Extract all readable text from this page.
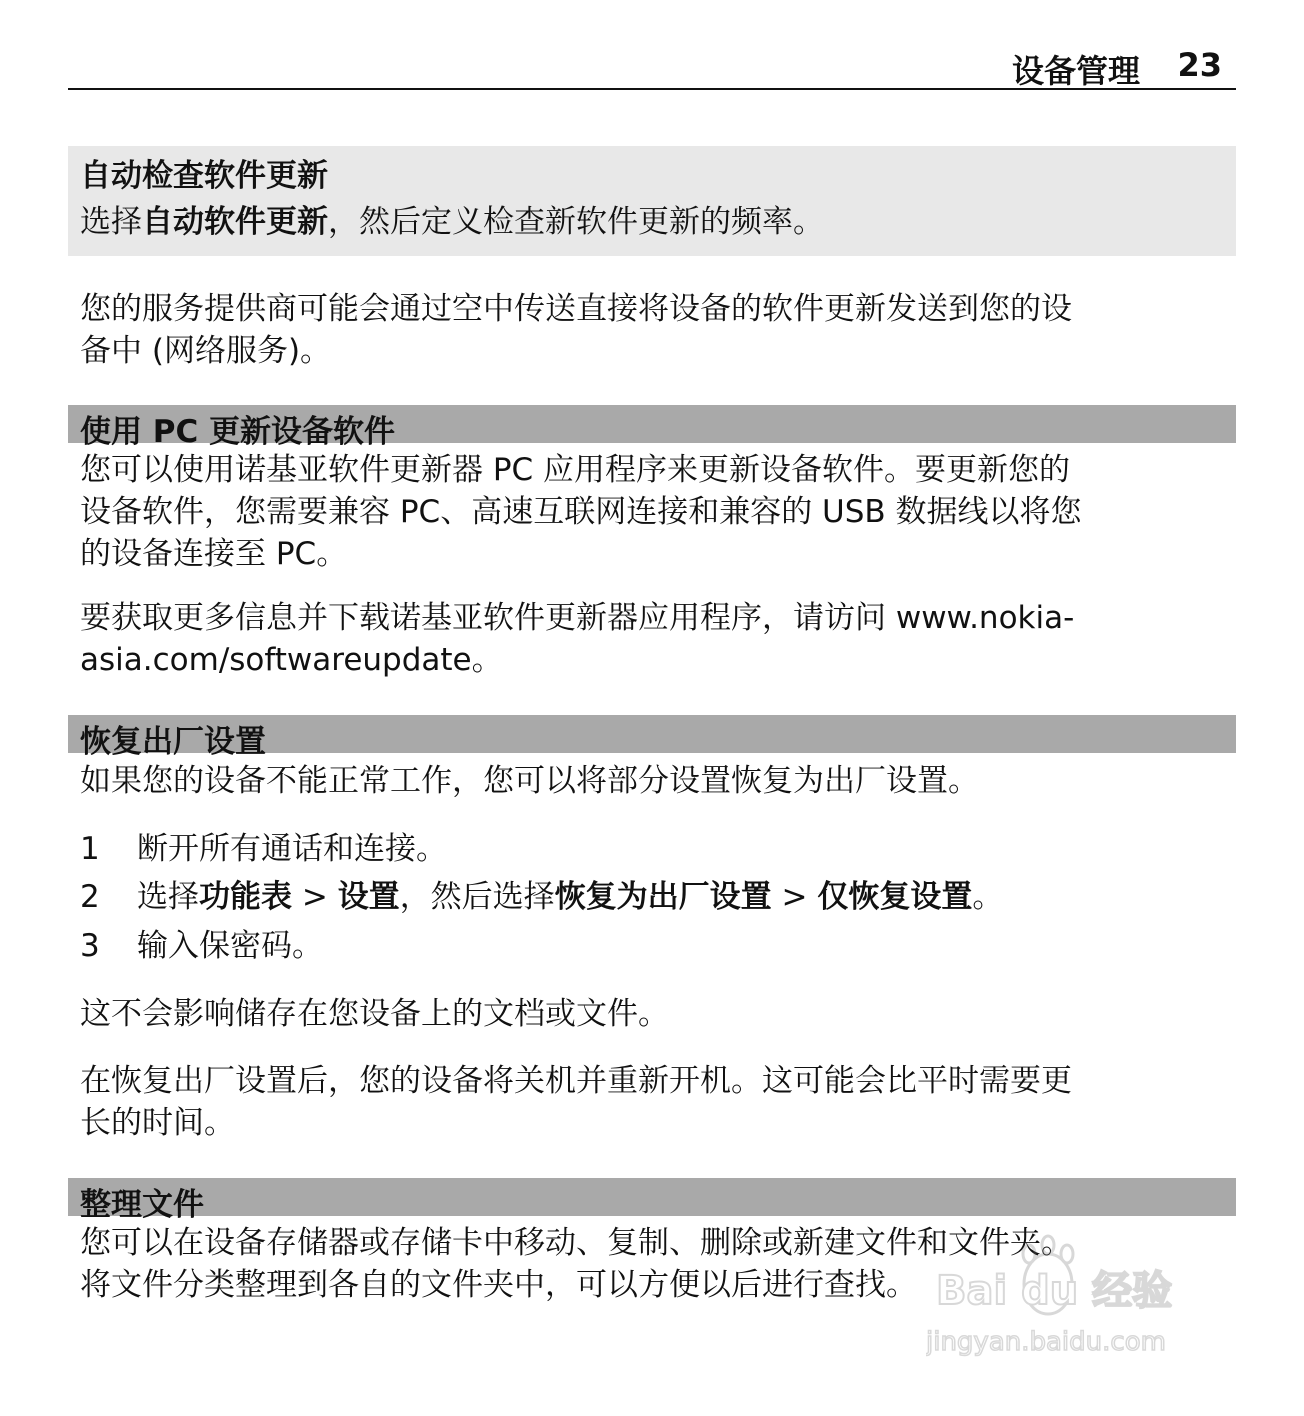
设备管理 23
自动检查软件更新
选择自动软件更新，然后定义检查新软件更新的频率。
您的服务提供商可能会通过空中传送直接将设备的软件更新发送到您的设
备中 (网络服务)。
使用 PC 更新设备软件
您可以使用诺基亚软件更新器 PC 应用程序来更新设备软件。要更新您的
设备软件，您需要兼容 PC、高速互联网连接和兼容的 USB 数据线以将您
的设备连接至 PC。
要获取更多信息并下载诺基亚软件更新器应用程序，请访问 www.nokia-
asia.com/softwareupdate。
恢复出厂设置
如果您的设备不能正常工作，您可以将部分设置恢复为出厂设置。
1 断开所有通话和连接。
2 选择功能表 > 设置，然后选择恢复为出厂设置 > 仅恢复设置。
3 输入保密码。
这不会影响储存在您设备上的文档或文件。
在恢复出厂设置后，您的设备将关机并重新开机。这可能会比平时需要更
长的时间。
整理文件
您可以在设备存储器或存储卡中移动、复制、删除或新建文件和文件夹。
将文件分类整理到各自的文件夹中，可以方便以后进行查找。 Bai du 经验
jingyan.baidu.com
